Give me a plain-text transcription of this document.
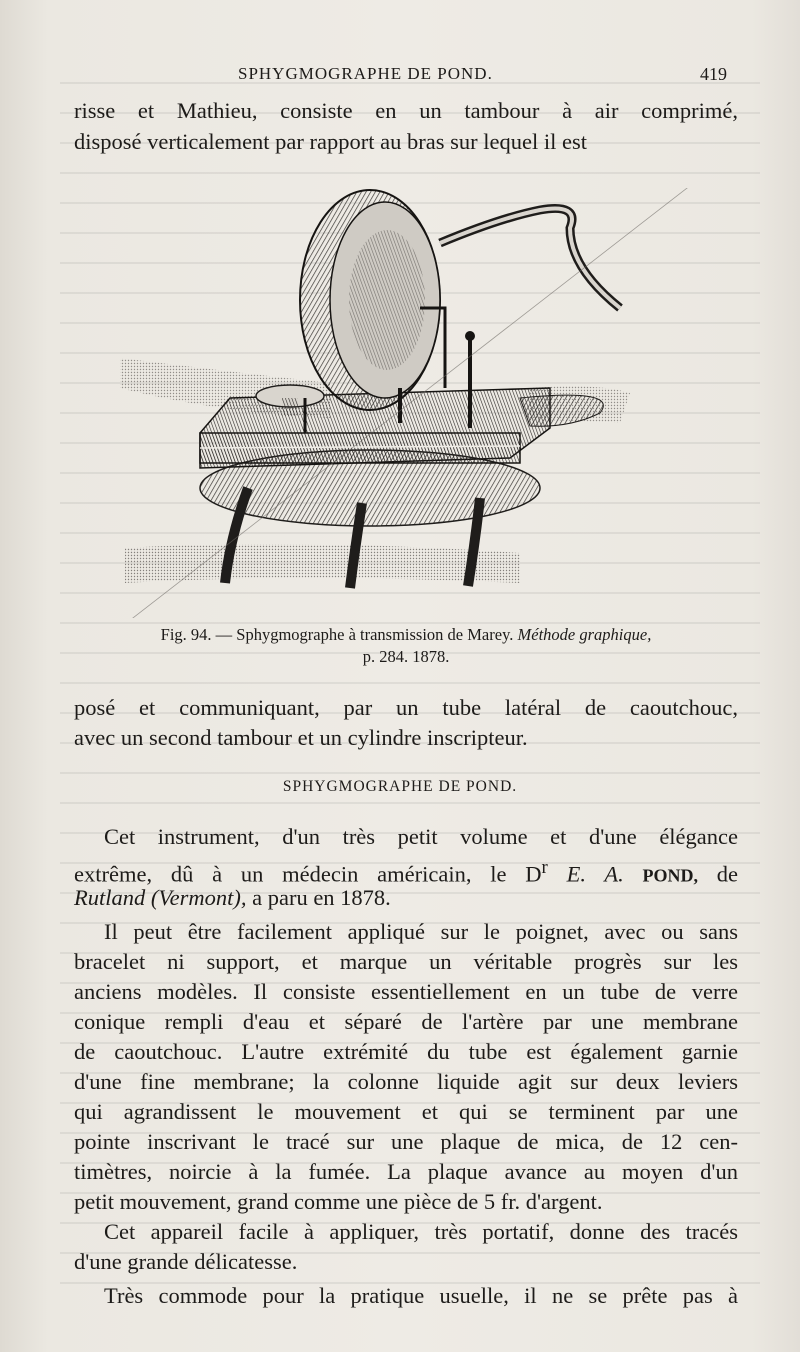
SPHYGMOGRAPHE DE POND.	419
risse et Mathieu, consiste en un tambour à air comprimé,
disposé verticalement par rapport au bras sur lequel il est
Fig. 94. — Sphygmographe à transmission de Marey. Méthode graphique,
p. 284. 1878.
posé et communiquant, par un tube latéral de caoutchouc,
avec un second tambour et un cylindre inscripteur.
SPHYGMOGRAPHE DE POND.
Cet instrument, d'un très petit volume et d'une élégance
extrême, dû à un médecin américain, le $D^r$ E. A. POND, de
Rutland (Vermont), a paru en 1878.
Il peut être facilement appliqué sur le poignet, avec ou sans
bracelet ni support, et marque un véritable progrès sur les
anciens modèles. Il consiste essentiellement en un tube de verre
conique rempli d'eau et séparé de l'artère par une membrane
de caoutchouc. L'autre extrémité du tube est également garnie
d'une fine membrane; la colonne liquide agit sur deux leviers
qui agrandissent le mouvement et qui se terminent par une
pointe inscrivant le tracé sur une plaque de mica, de 12 cen-
timètres, noircie à la fumée. La plaque avance au moyen d'un
petit mouvement, grand comme une pièce de 5 fr. d'argent.
Cet appareil facile à appliquer, très portatif, donne des tracés
d'une grande délicatesse.
Très commode pour la pratique usuelle, il ne se prête pas à
